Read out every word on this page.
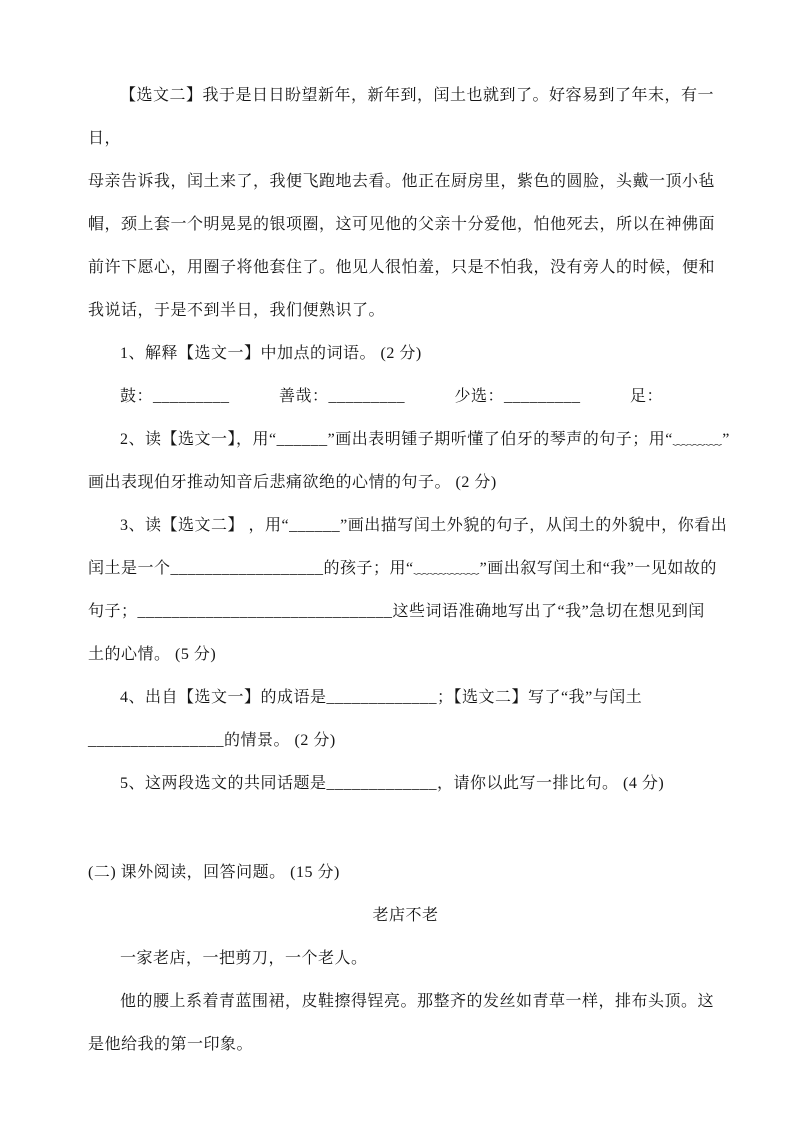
【选文二】我于是日日盼望新年，新年到，闰土也就到了。好容易到了年末，有一

日，

母亲告诉我，闰土来了，我便飞跑地去看。他正在厨房里，紫色的圆脸，头戴一顶小毡

帽，颈上套一个明晃晃的银项圈，这可见他的父亲十分爱他，怕他死去，所以在神佛面

前许下愿心，用圈子将他套住了。他见人很怕羞，只是不怕我，没有旁人的时候，便和

我说话，于是不到半日，我们便熟识了。

1、解释【选文一】中加点的词语。 (2 分)

鼓：_________　　　善哉：_________　　　少选：_________　　　足：

2、读【选文一】，用“______”画出表明锺子期听懂了伯牙的琴声的句子；用“﹏﹏﹏”

画出表现伯牙推动知音后悲痛欲绝的心情的句子。 (2 分)

3、读【选文二】 ，用“______”画出描写闰土外貌的句子，从闰土的外貌中，你看出

闰土是一个__________________的孩子；用“﹏﹏﹏﹏”画出叙写闰土和“我”一见如故的

句子；______________________________这些词语准确地写出了“我”急切在想见到闰

土的心情。 (5 分)

4、出自【选文一】的成语是_____________；【选文二】写了“我”与闰土

________________的情景。 (2 分)

5、这两段选文的共同话题是_____________，请你以此写一排比句。 (4 分)

(二) 课外阅读，回答问题。 (15 分)

老店不老

一家老店，一把剪刀，一个老人。

他的腰上系着青蓝围裙，皮鞋擦得锃亮。那整齐的发丝如青草一样，排布头顶。这

是他给我的第一印象。
